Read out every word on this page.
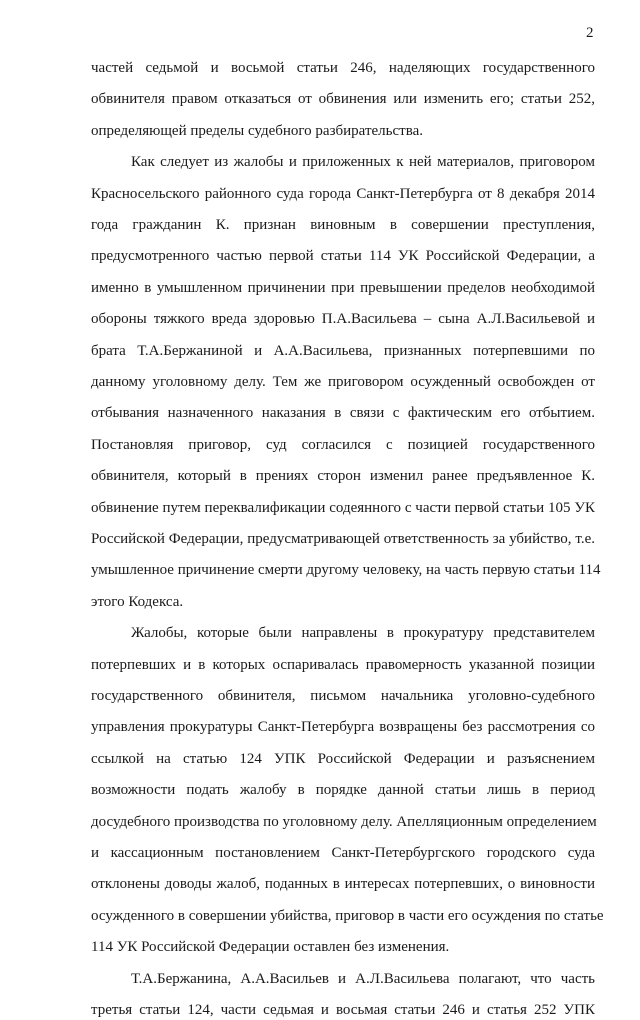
2
частей седьмой и восьмой статьи 246, наделяющих государственного
обвинителя правом отказаться от обвинения или изменить его; статьи 252,
определяющей пределы судебного разбирательства.
Как следует из жалобы и приложенных к ней материалов, приговором
Красносельского районного суда города Санкт-Петербурга от 8 декабря 2014
года гражданин К. признан виновным в совершении преступления,
предусмотренного частью первой статьи 114 УК Российской Федерации, а
именно в умышленном причинении при превышении пределов необходимой
обороны тяжкого вреда здоровью П.А.Васильева – сына А.Л.Васильевой и
брата Т.А.Бержаниной и А.А.Васильева, признанных потерпевшими по
данному уголовному делу. Тем же приговором осужденный освобожден от
отбывания назначенного наказания в связи с фактическим его отбытием.
Постановляя приговор, суд согласился с позицией государственного
обвинителя, который в прениях сторон изменил ранее предъявленное К.
обвинение путем переквалификации содеянного с части первой статьи 105 УК
Российской Федерации, предусматривающей ответственность за убийство, т.е.
умышленное причинение смерти другому человеку, на часть первую статьи 114
этого Кодекса.
Жалобы, которые были направлены в прокуратуру представителем
потерпевших и в которых оспаривалась правомерность указанной позиции
государственного обвинителя, письмом начальника уголовно-судебного
управления прокуратуры Санкт-Петербурга возвращены без рассмотрения со
ссылкой на статью 124 УПК Российской Федерации и разъяснением
возможности подать жалобу в порядке данной статьи лишь в период
досудебного производства по уголовному делу. Апелляционным определением
и кассационным постановлением Санкт-Петербургского городского суда
отклонены доводы жалоб, поданных в интересах потерпевших, о виновности
осужденного в совершении убийства, приговор в части его осуждения по статье
114 УК Российской Федерации оставлен без изменения.
Т.А.Бержанина, А.А.Васильев и А.Л.Васильева полагают, что часть
третья статьи 124, части седьмая и восьмая статьи 246 и статья 252 УПК
